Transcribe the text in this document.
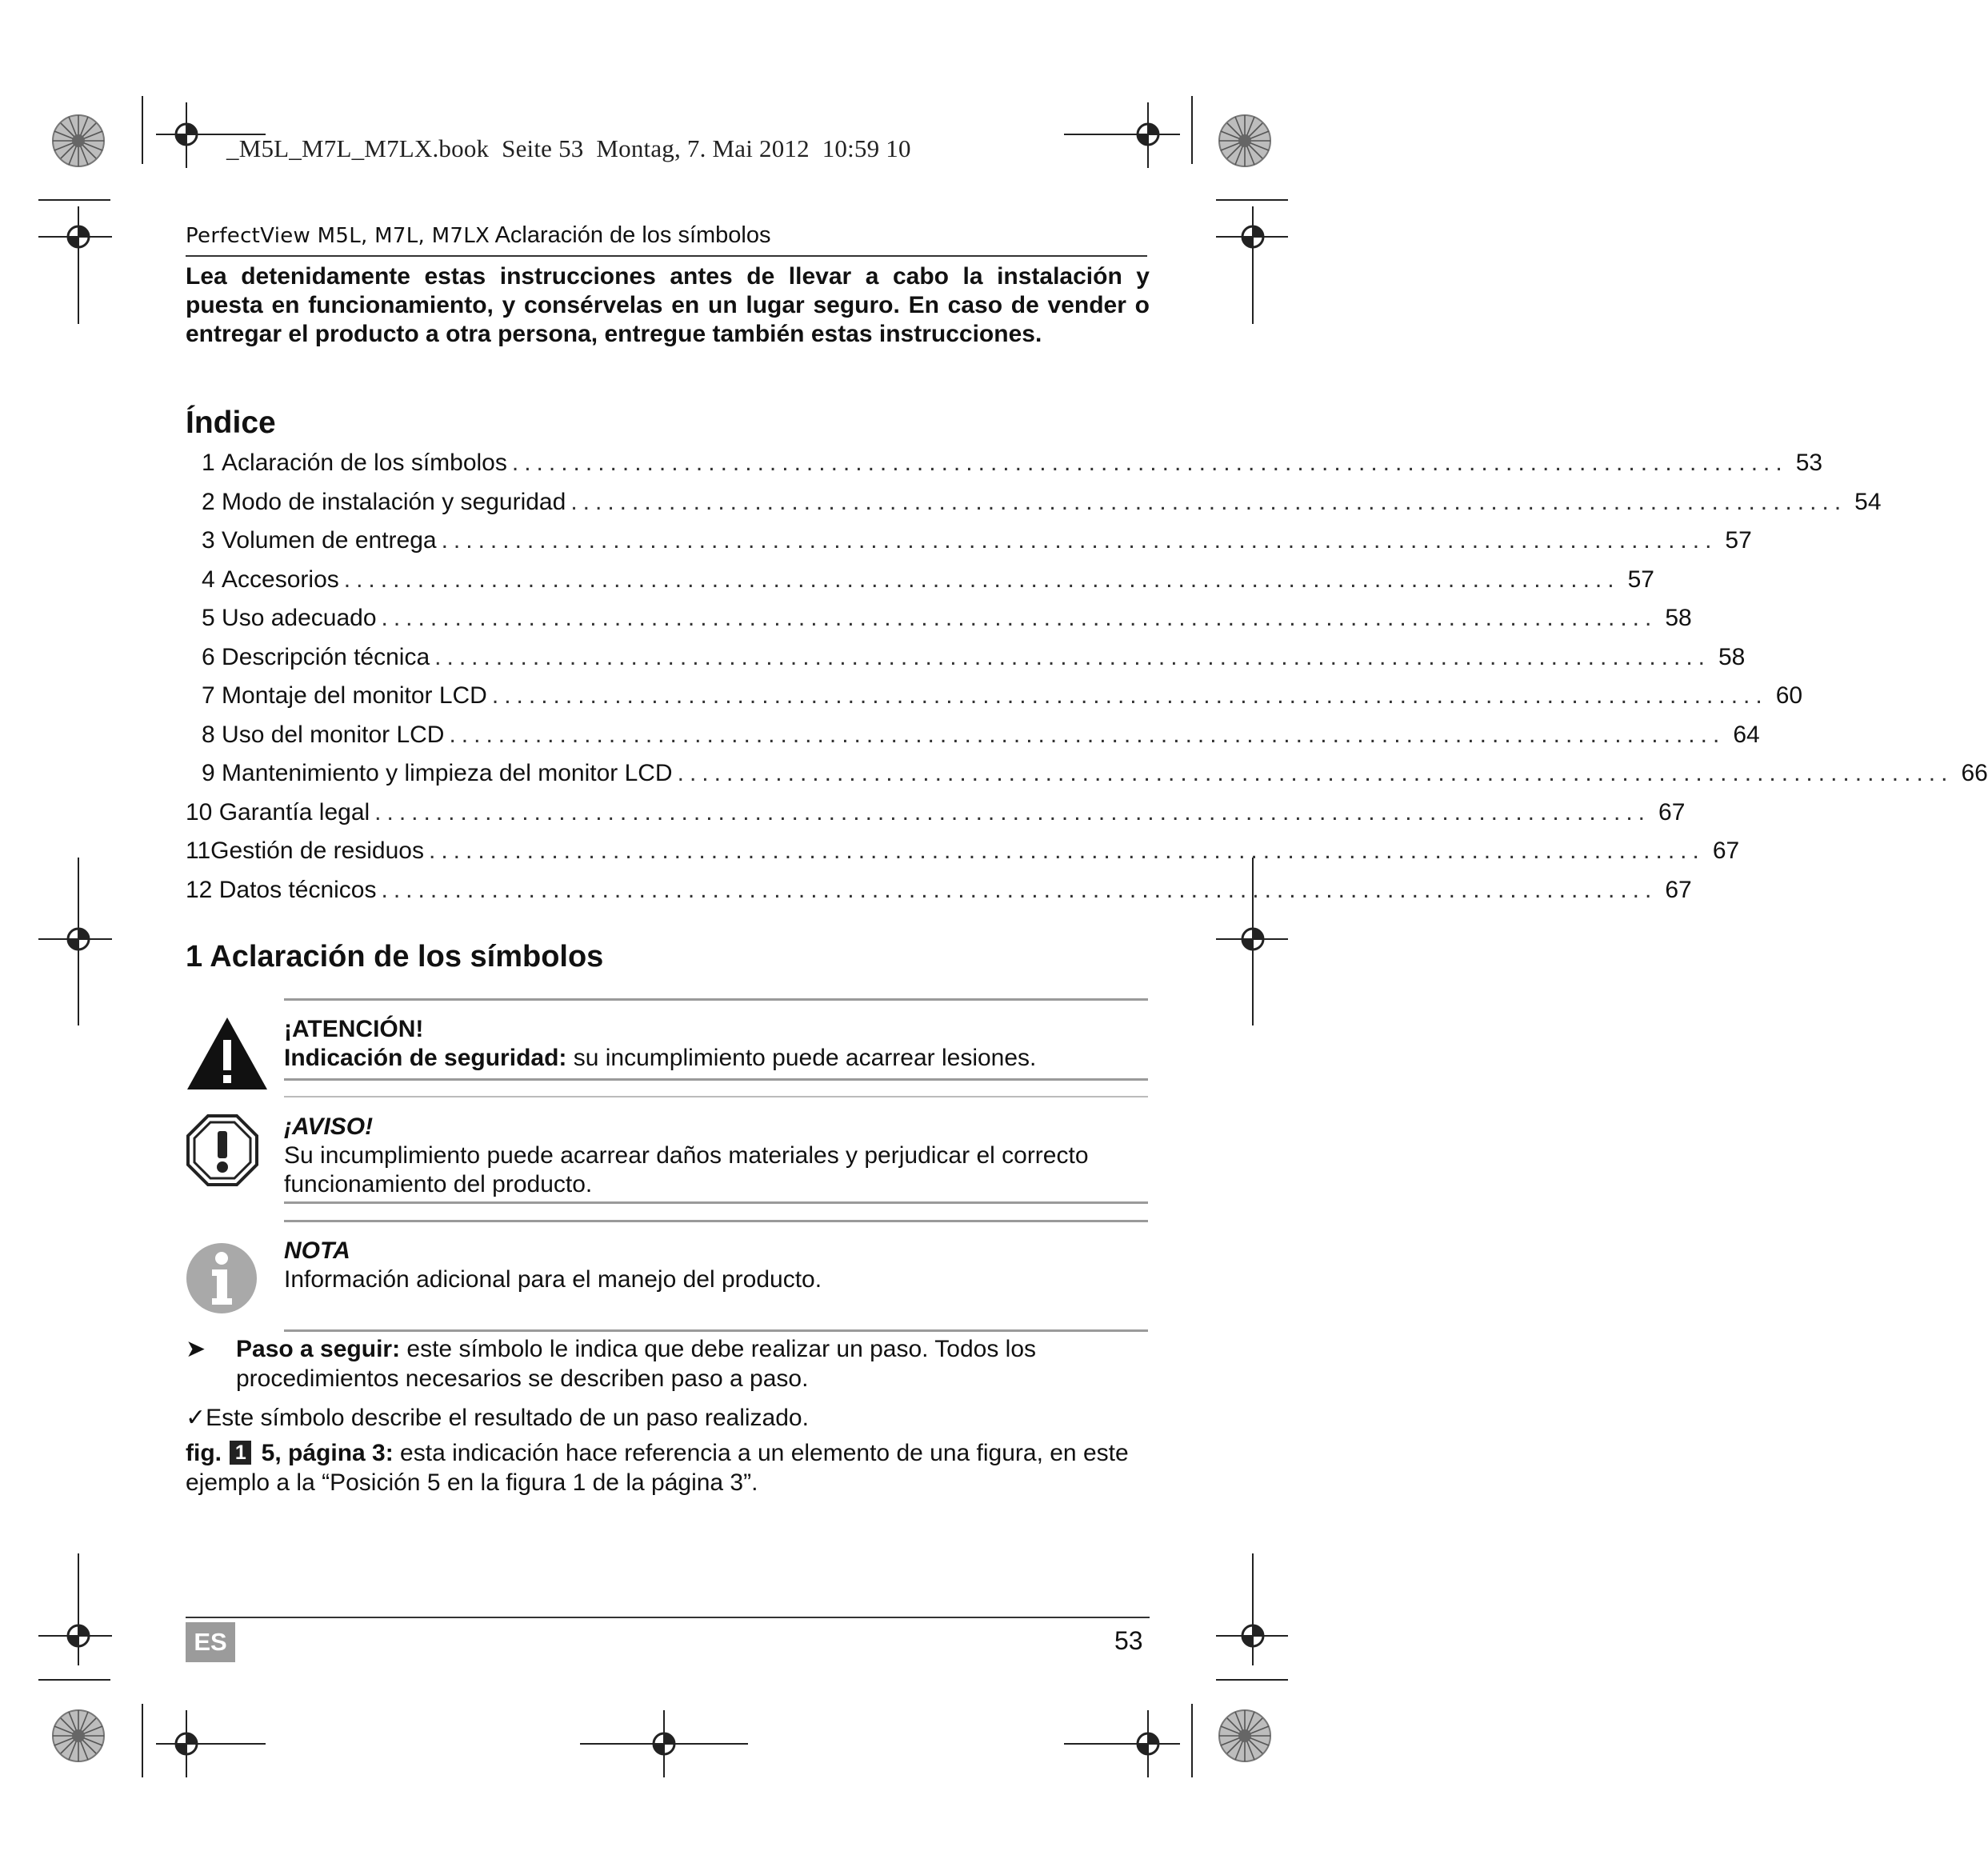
_M5L_M7L_M7LX.book  Seite 53  Montag, 7. Mai 2012  10:59 10
PerfectView M5L, M7L, M7LX Aclaración de los símbolos
Lea detenidamente estas instrucciones antes de llevar a cabo la instalación y puesta en funcionamiento, y consérvelas en un lugar seguro. En caso de vender o entregar el producto a otra persona, entregue también estas instrucciones.
Índice
1
Aclaración de los símbolos ........................................................................................................ 53
2
Modo de instalación y seguridad ........................................................................................................ 54
3
Volumen de entrega ........................................................................................................ 57
4
Accesorios ........................................................................................................ 57
5
Uso adecuado ........................................................................................................ 58
6
Descripción técnica ........................................................................................................ 58
7
Montaje del monitor LCD ........................................................................................................ 60
8
Uso del monitor LCD ........................................................................................................ 64
9
Mantenimiento y limpieza del monitor LCD ........................................................................................................ 66
10
Garantía legal ........................................................................................................ 67
11 Gestión de residuos ........................................................................................................ 67
12
Datos técnicos ........................................................................................................ 67
1 Aclaración de los símbolos
¡ATENCIÓN!
Indicación de seguridad: su incumplimiento puede acarrear lesiones.
¡AVISO!
Su incumplimiento puede acarrear daños materiales y perjudicar el correcto funcionamiento del producto.
NOTA
Información adicional para el manejo del producto.
➤ Paso a seguir: este símbolo le indica que debe realizar un paso. Todos los procedimientos necesarios se describen paso a paso.
✓Este símbolo describe el resultado de un paso realizado.
fig. 1 5, página 3: esta indicación hace referencia a un elemento de una figura, en este ejemplo a la “Posición 5 en la figura 1 de la página 3”.
ES	53
